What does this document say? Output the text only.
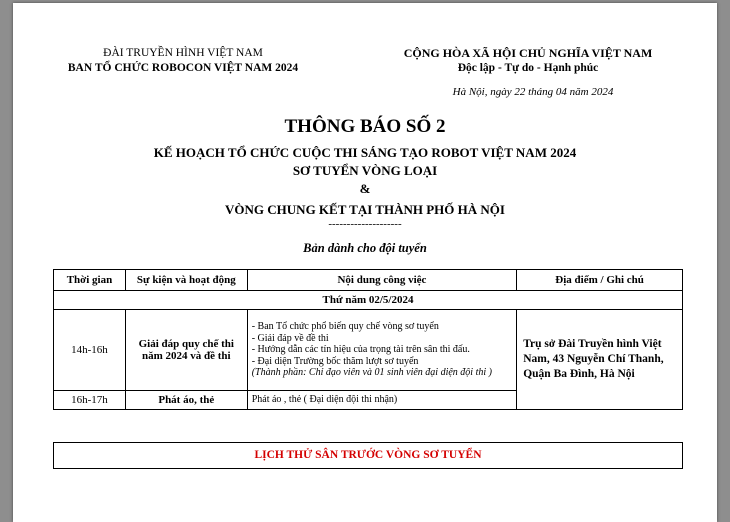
ĐÀI TRUYỀN HÌNH VIỆT NAM
BAN TỔ CHỨC ROBOCON VIỆT NAM 2024
CỘNG HÒA XÃ HỘI CHỦ NGHĨA VIỆT NAM
Độc lập - Tự do - Hạnh phúc
Hà Nội, ngày 22 tháng 04 năm 2024
THÔNG BÁO SỐ 2
KẾ HOẠCH TỔ CHỨC CUỘC THI SÁNG TẠO ROBOT VIỆT NAM 2024
SƠ TUYỂN VÒNG LOẠI
&
VÒNG CHUNG KẾT TẠI THÀNH PHỐ HÀ NỘI
--------------------
Bản dành cho đội tuyển
Thời gian	Sự kiện và hoạt động	Nội dung công việc	Địa điểm / Ghi chú
Thứ năm 02/5/2024			
14h-16h	Giải đáp quy chế thi năm 2024 và đề thi	- Ban Tổ chức phổ biến quy chế vòng sơ tuyển
- Giải đáp về đề thi
- Hướng dẫn các tín hiệu của trọng tài trên sân thi đấu.
- Đại diện Trường bốc thăm lượt sơ tuyển
(Thành phần: Chỉ đạo viên và 01 sinh viên đại diện đội thi )	Trụ sở Đài Truyền hình Việt Nam, 43 Nguyễn Chí Thanh, Quận Ba Đình, Hà Nội
16h-17h	Phát áo, thẻ	Phát áo , thẻ ( Đại diện đội thi nhận)	
LỊCH THỬ SÂN TRƯỚC VÒNG SƠ TUYỂN
